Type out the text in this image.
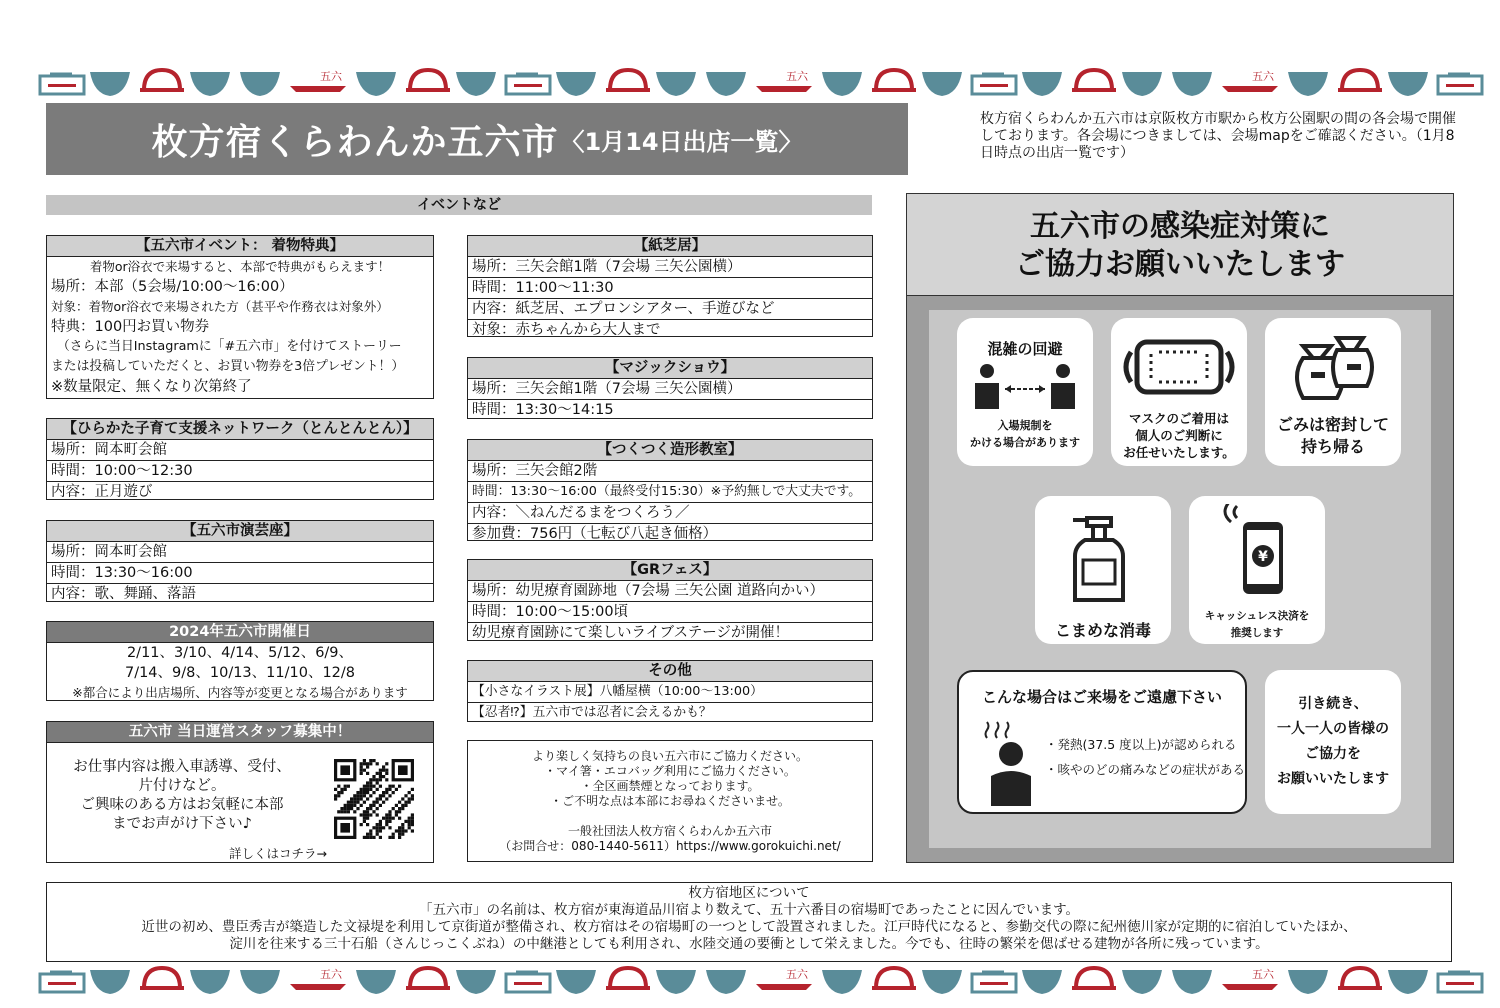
五六	五六	五六
枚方宿くらわんか五六市 〈1月14日出店一覧〉
枚方宿くらわんか五六市は京阪枚方市駅から枚方公園駅の間の各会場で開催しております。各会場につきましては、会場mapをご確認ください。（1月8日時点の出店一覧です）
イベントなど
【五六市イベント： 着物特典】
着物or浴衣で来場すると、本部で特典がもらえます！
場所：本部（5会場/10:00〜16:00）
対象：着物or浴衣で来場された方（甚平や作務衣は対象外）
特典：100円お買い物券
（さらに当日Instagramに「#五六市」を付けてストーリー
または投稿していただくと、お買い物券を3倍プレゼント！）
※数量限定、無くなり次第終了
【ひらかた子育て支援ネットワーク（とんとんとん）】
場所：岡本町会館
時間：10:00〜12:30
内容：正月遊び
【五六市演芸座】
場所：岡本町会館
時間：13:30〜16:00
内容：歌、舞踊、落語
2024年五六市開催日
2/11、3/10、4/14、5/12、6/9、
7/14、9/8、10/13、11/10、12/8
※都合により出店場所、内容等が変更となる場合があります
五六市 当日運営スタッフ募集中！
お仕事内容は搬入車誘導、受付、
片付けなど。
ご興味のある方はお気軽に本部
までお声がけ下さい♪
詳しくはコチラ→
【紙芝居】
場所：三矢会館1階（7会場 三矢公園横）
時間：11:00〜11:30
内容：紙芝居、エプロンシアター、手遊びなど
対象：赤ちゃんから大人まで
【マジックショウ】
場所：三矢会館1階（7会場 三矢公園横）
時間：13:30〜14:15
【つくつく造形教室】
場所：三矢会館2階
時間：13:30〜16:00（最終受付15:30）※予約無しで大丈夫です。
内容：＼ねんだるまをつくろう／
参加費：756円（七転び八起き価格）
【GRフェス】
場所：幼児療育園跡地（7会場 三矢公園 道路向かい）
時間：10:00〜15:00頃
幼児療育園跡にて楽しいライブステージが開催！
その他
【小さなイラスト展】八幡屋横（10:00〜13:00）
【忍者⁉】五六市では忍者に会えるかも？
より楽しく気持ちの良い五六市にご協力ください。
・マイ箸・エコバッグ利用にご協力ください。
・全区画禁煙となっております。
・ご不明な点は本部にお尋ねくださいませ。
一般社団法人枚方宿くらわんか五六市
（お問合せ：080-1440-5611）https://www.gorokuichi.net/
五六市の感染症対策に
ご協力お願いいたします
混雑の回避
入場規制を
かける場合があります
マスクのご着用は
個人のご判断に
お任せいたします。
ごみは密封して
持ち帰る
こまめな消毒
¥
キャッシュレス決済を
推奨します
こんな場合はご来場をご遠慮下さい
・発熱(37.5 度以上)が認められる
・咳やのどの痛みなどの症状がある
引き続き、
一人一人の皆様の
ご協力を
お願いいたします
枚方宿地区について
「五六市」の名前は、枚方宿が東海道品川宿より数えて、五十六番目の宿場町であったことに因んでいます。
近世の初め、豊臣秀吉が築造した文禄堤を利用して京街道が整備され、枚方宿はその宿場町の一つとして設置されました。江戸時代になると、参勤交代の際に紀州徳川家が定期的に宿泊していたほか、
淀川を往来する三十石船（さんじっこくぶね）の中継港としても利用され、水陸交通の要衝として栄えました。今でも、往時の繁栄を偲ばせる建物が各所に残っています。
五六	五六	五六
